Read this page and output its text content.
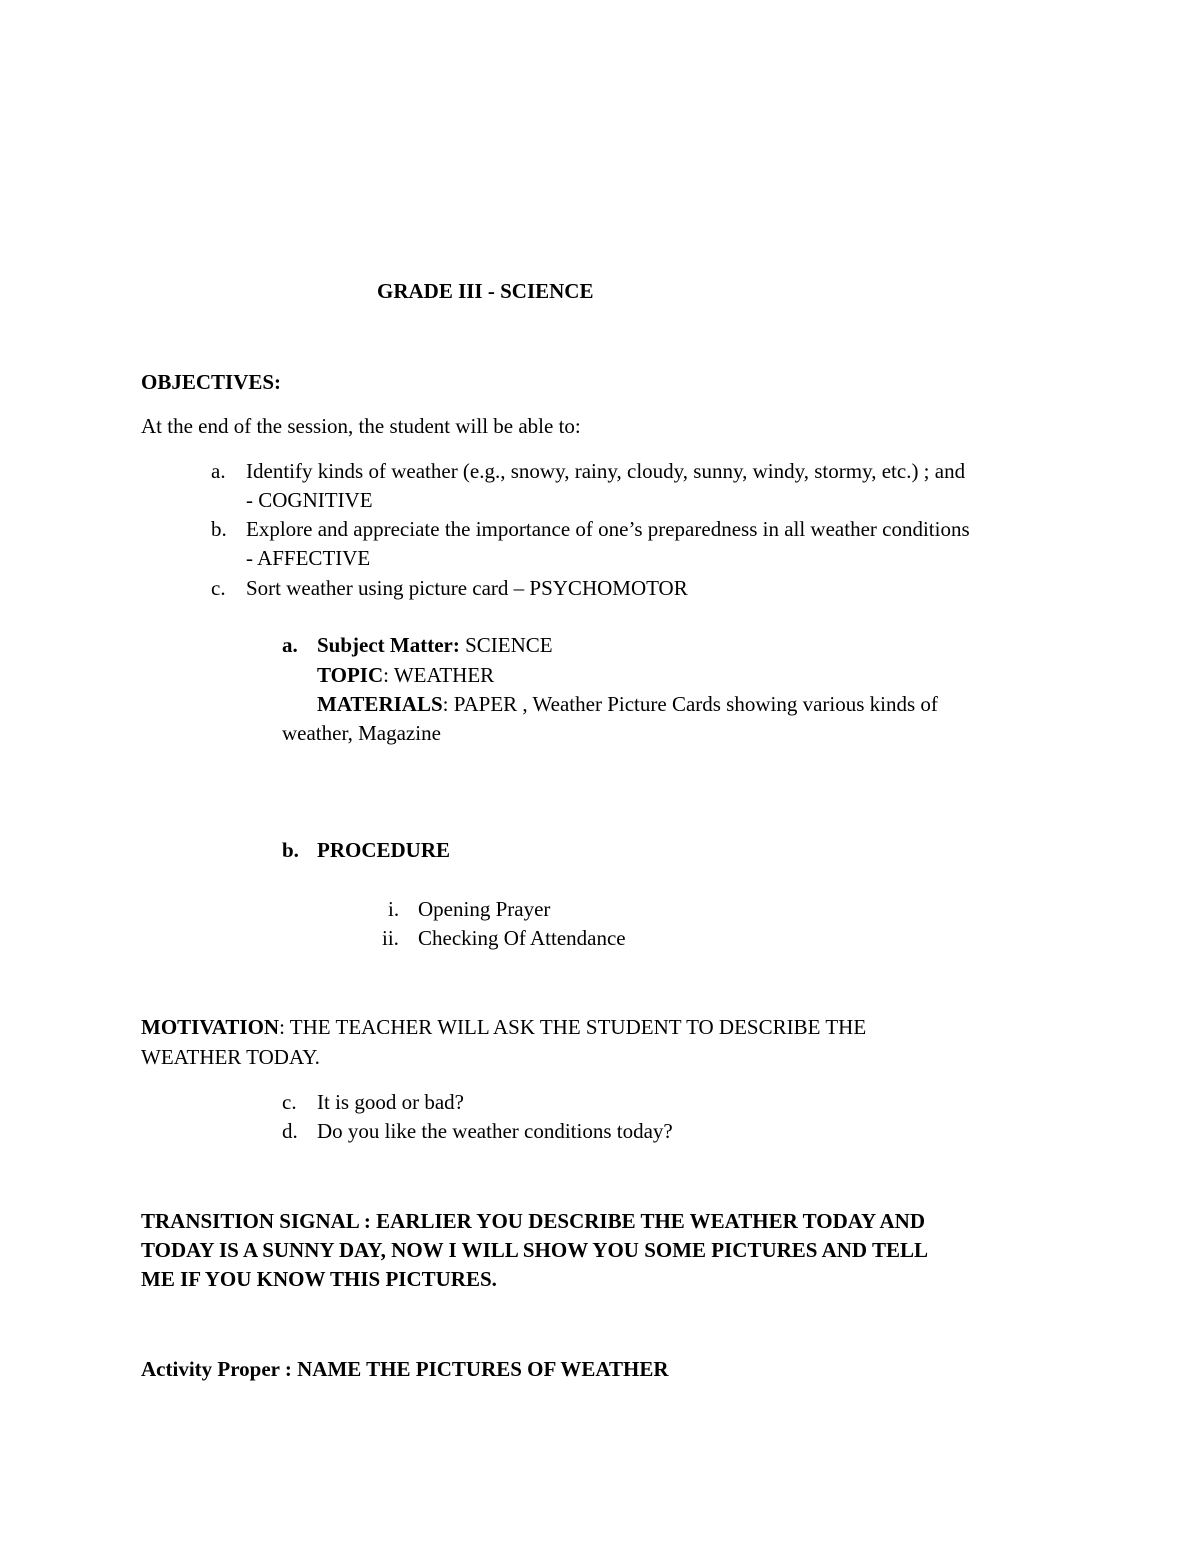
GRADE III - SCIENCE
OBJECTIVES:
At the end of the session, the student will be able to:
a. Identify kinds of weather (e.g., snowy, rainy, cloudy, sunny, windy, stormy, etc.) ; and
- COGNITIVE
b. Explore and appreciate the importance of one’s preparedness in all weather conditions
- AFFECTIVE
c. Sort weather using picture card – PSYCHOMOTOR
a. Subject Matter: SCIENCE
TOPIC: WEATHER
MATERIALS: PAPER , Weather Picture Cards showing various kinds of
weather, Magazine
b. PROCEDURE
i. Opening Prayer
ii. Checking Of Attendance
MOTIVATION: THE TEACHER WILL ASK THE STUDENT TO DESCRIBE THE
WEATHER TODAY.
c. It is good or bad?
d. Do you like the weather conditions today?
TRANSITION SIGNAL : EARLIER YOU DESCRIBE THE WEATHER TODAY AND
TODAY IS A SUNNY DAY, NOW I WILL SHOW YOU SOME PICTURES AND TELL
ME IF YOU KNOW THIS PICTURES.
Activity Proper : NAME THE PICTURES OF WEATHER
